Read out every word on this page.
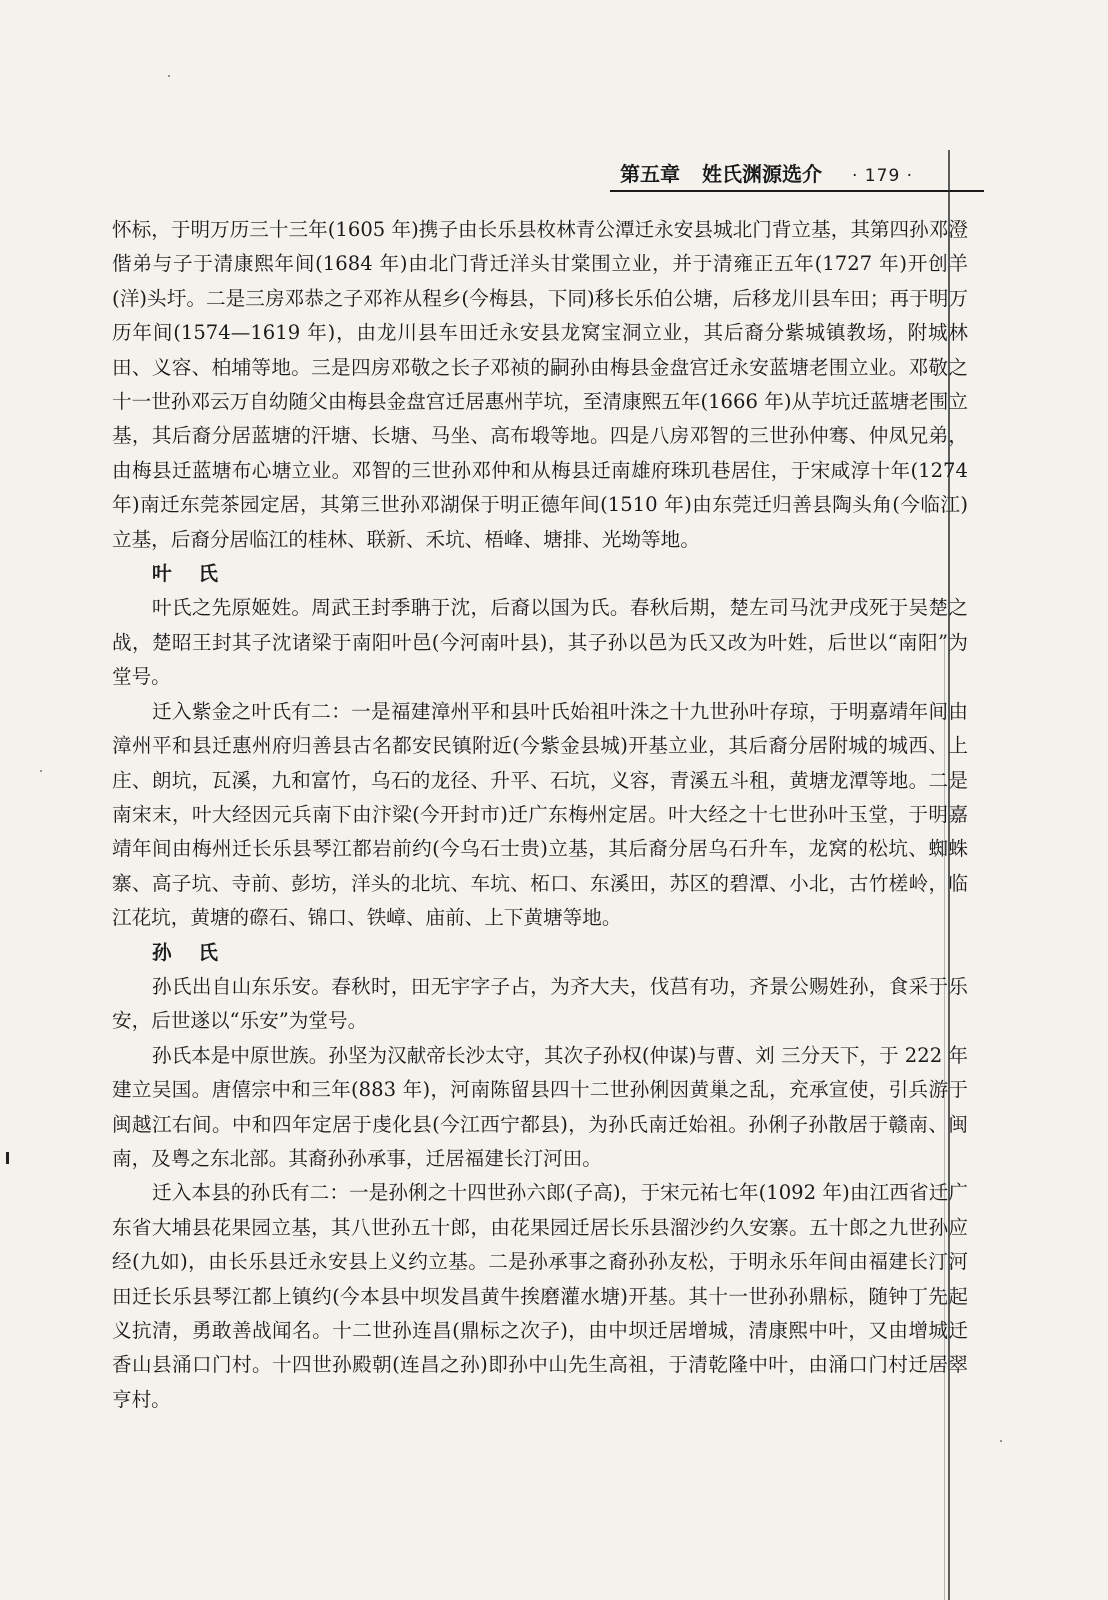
第五章 姓氏渊源选介 · 179 ·

怀标，于明万历三十三年(1605 年)携子由长乐县枚林青公潭迁永安县城北门背立基，其第四孙邓澄偕弟与子于清康熙年间(1684 年)由北门背迁洋头甘棠围立业，并于清雍正五年(1727 年)开创羊(洋)头圩。二是三房邓恭之子邓祚从程乡(今梅县，下同)移长乐伯公塘，后移龙川县车田；再于明万历年间(1574—1619 年)，由龙川县车田迁永安县龙窝宝洞立业，其后裔分紫城镇教场，附城林田、义容、柏埔等地。三是四房邓敬之长子邓祯的嗣孙由梅县金盘宫迁永安蓝塘老围立业。邓敬之十一世孙邓云万自幼随父由梅县金盘宫迁居惠州芋坑，至清康熙五年(1666 年)从芋坑迁蓝塘老围立基，其后裔分居蓝塘的汗塘、长塘、马坐、高布塅等地。四是八房邓智的三世孙仲骞、仲凤兄弟，由梅县迁蓝塘布心塘立业。邓智的三世孙邓仲和从梅县迁南雄府珠玑巷居住，于宋咸淳十年(1274 年)南迁东莞茶园定居，其第三世孙邓湖保于明正德年间(1510 年)由东莞迁归善县陶头角(今临江)立基，后裔分居临江的桂林、联新、禾坑、梧峰、塘排、光坳等地。

叶 氏

叶氏之先原姬姓。周武王封季聃于沈，后裔以国为氏。春秋后期，楚左司马沈尹戌死于吴楚之战，楚昭王封其子沈诸梁于南阳叶邑(今河南叶县)，其子孙以邑为氏又改为叶姓，后世以“南阳”为堂号。

迁入紫金之叶氏有二：一是福建漳州平和县叶氏始祖叶洙之十九世孙叶存琼，于明嘉靖年间由漳州平和县迁惠州府归善县古名都安民镇附近(今紫金县城)开基立业，其后裔分居附城的城西、上庄、朗坑，瓦溪，九和富竹，乌石的龙径、升平、石坑，义容，青溪五斗租，黄塘龙潭等地。二是南宋末，叶大经因元兵南下由汴梁(今开封市)迁广东梅州定居。叶大经之十七世孙叶玉堂，于明嘉靖年间由梅州迁长乐县琴江都岩前约(今乌石士贵)立基，其后裔分居乌石升车，龙窝的松坑、蜘蛛寨、高子坑、寺前、彭坊，洋头的北坑、车坑、柘口、东溪田，苏区的碧潭、小北，古竹槎岭，临江花坑，黄塘的磜石、锦口、铁嶂、庙前、上下黄塘等地。

孙 氏

孙氏出自山东乐安。春秋时，田无宇字子占，为齐大夫，伐莒有功，齐景公赐姓孙，食采于乐安，后世遂以“乐安”为堂号。

孙氏本是中原世族。孙坚为汉献帝长沙太守，其次子孙权(仲谋)与曹、刘 三分天下，于 222 年建立吴国。唐僖宗中和三年(883 年)，河南陈留县四十二世孙俐因黄巢之乱，充承宣使，引兵游于闽越江右间。中和四年定居于虔化县(今江西宁都县)，为孙氏南迁始祖。孙俐子孙散居于赣南、闽南，及粤之东北部。其裔孙孙承事，迁居福建长汀河田。

迁入本县的孙氏有二：一是孙俐之十四世孙六郎(子高)，于宋元祐七年(1092 年)由江西省迁广东省大埔县花果园立基，其八世孙五十郎，由花果园迁居长乐县溜沙约久安寨。五十郎之九世孙应经(九如)，由长乐县迁永安县上义约立基。二是孙承事之裔孙孙友松，于明永乐年间由福建长汀河田迁长乐县琴江都上镇约(今本县中坝发昌黄牛挨磨灌水塘)开基。其十一世孙孙鼎标，随钟丁先起义抗清，勇敢善战闻名。十二世孙连昌(鼎标之次子)，由中坝迁居增城，清康熙中叶，又由增城迁香山县涌口门村。十四世孙殿朝(连昌之孙)即孙中山先生高祖，于清乾隆中叶，由涌口门村迁居翠亨村。
